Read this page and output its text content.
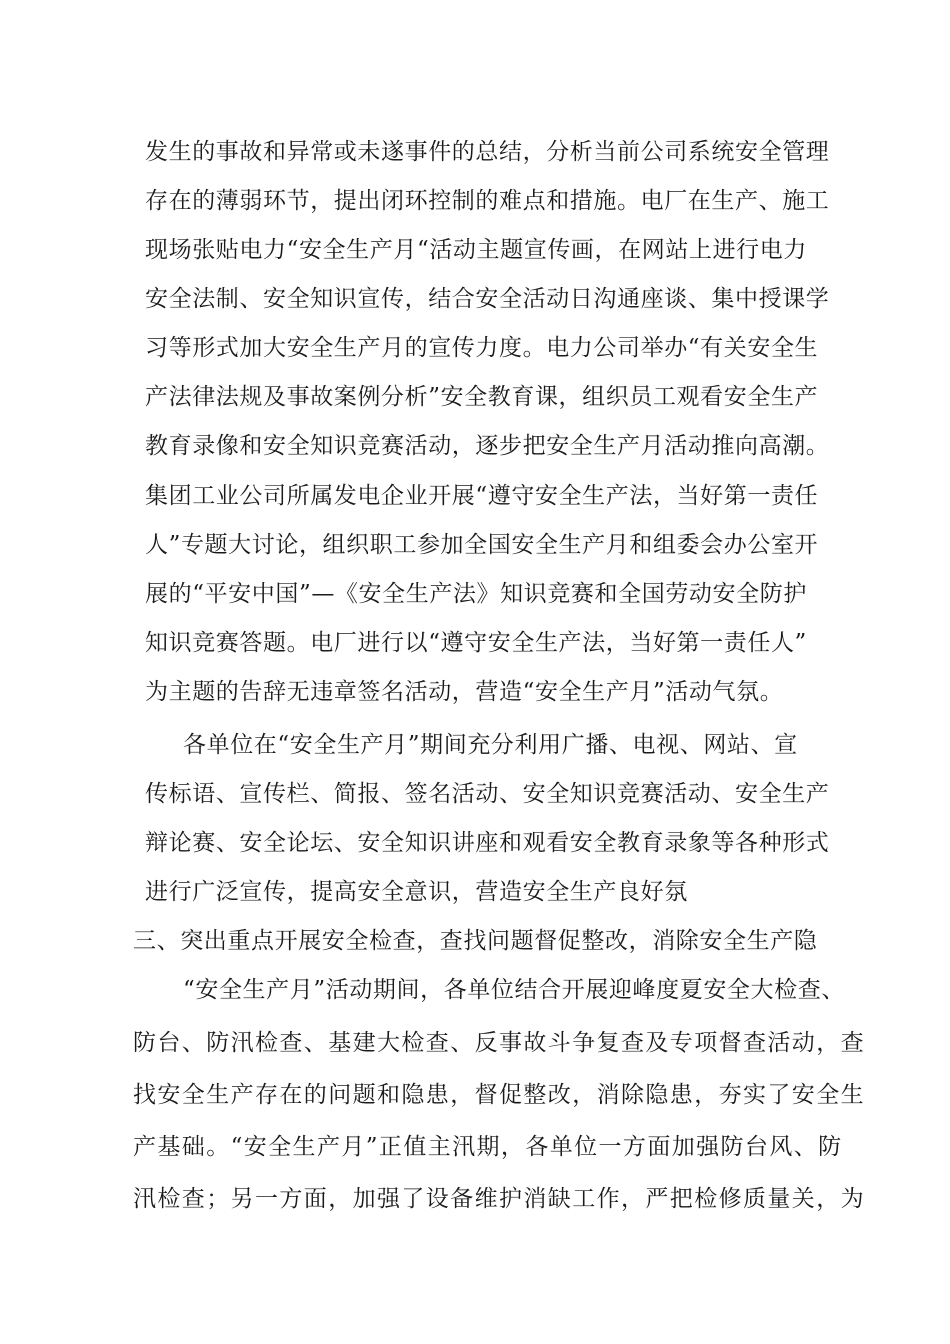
发生的事故和异常或未遂事件的总结，分析当前公司系统安全管理
存在的薄弱环节，提出闭环控制的难点和措施。电厂在生产、施工
现场张贴电力“安全生产月“活动主题宣传画，在网站上进行电力
安全法制、安全知识宣传，结合安全活动日沟通座谈、集中授课学
习等形式加大安全生产月的宣传力度。电力公司举办“有关安全生
产法律法规及事故案例分析”安全教育课，组织员工观看安全生产
教育录像和安全知识竞赛活动，逐步把安全生产月活动推向高潮。
集团工业公司所属发电企业开展“遵守安全生产法，当好第一责任
人”专题大讨论，组织职工参加全国安全生产月和组委会办公室开
展的“平安中国”—《安全生产法》知识竞赛和全国劳动安全防护
知识竞赛答题。电厂进行以“遵守安全生产法，当好第一责任人”
为主题的告辞无违章签名活动，营造“安全生产月”活动气氛。
各单位在“安全生产月”期间充分利用广播、电视、网站、宣
传标语、宣传栏、简报、签名活动、安全知识竞赛活动、安全生产
辩论赛、安全论坛、安全知识讲座和观看安全教育录象等各种形式
进行广泛宣传，提高安全意识，营造安全生产良好氛
三、突出重点开展安全检查，查找问题督促整改，消除安全生产隐
“安全生产月”活动期间，各单位结合开展迎峰度夏安全大检查、
防台、防汛检查、基建大检查、反事故斗争复查及专项督查活动，查
找安全生产存在的问题和隐患，督促整改，消除隐患，夯实了安全生
产基础。“安全生产月”正值主汛期，各单位一方面加强防台风、防
汛检查；另一方面，加强了设备维护消缺工作，严把检修质量关，为
